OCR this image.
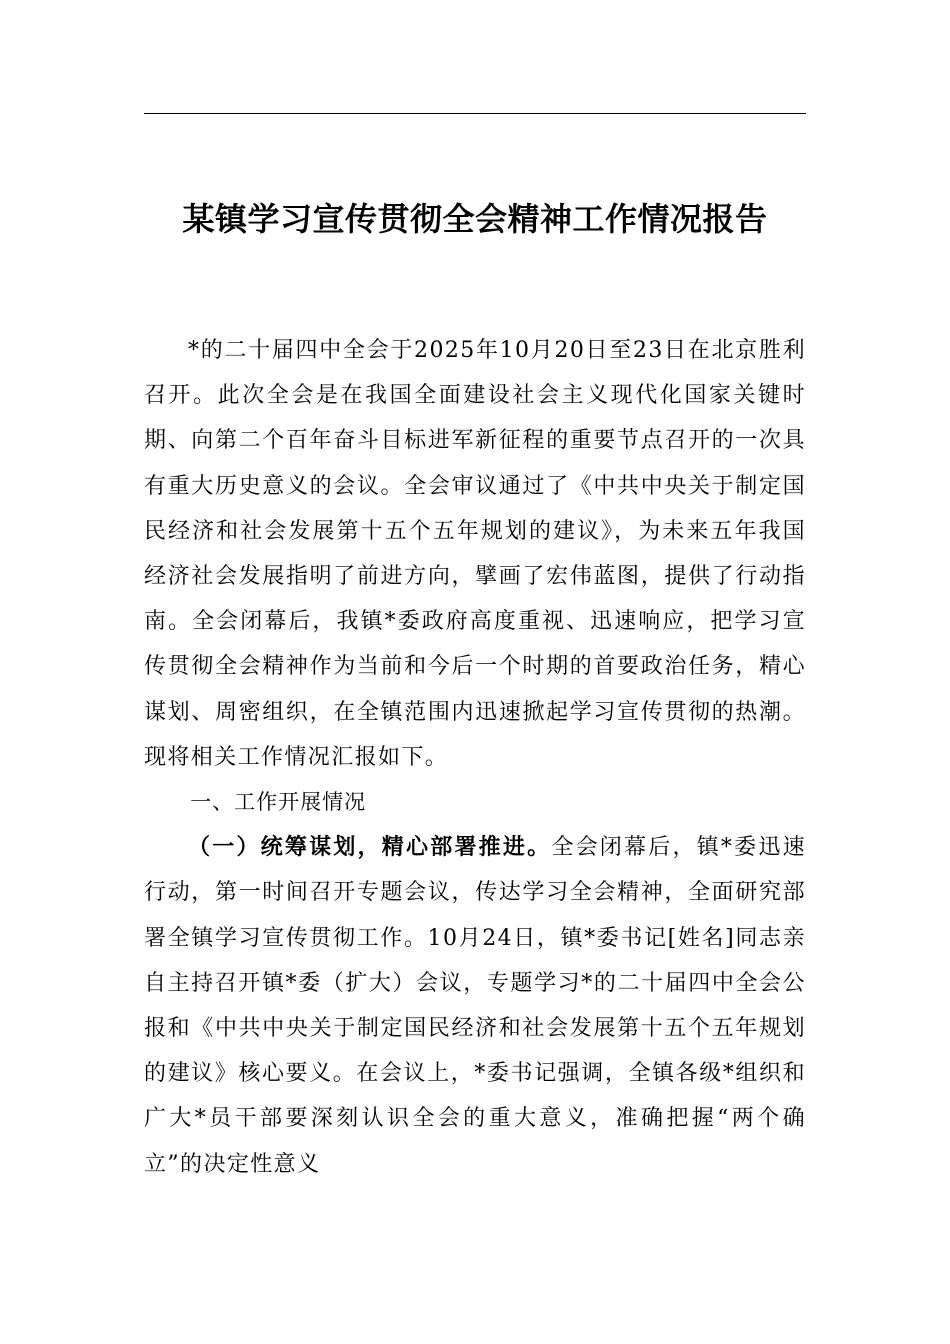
某镇学习宣传贯彻全会精神工作情况报告

*的二十届四中全会于2025年10月20日至23日在北京胜利召开。此次全会是在我国全面建设社会主义现代化国家关键时期、向第二个百年奋斗目标进军新征程的重要节点召开的一次具有重大历史意义的会议。全会审议通过了《中共中央关于制定国民经济和社会发展第十五个五年规划的建议》，为未来五年我国经济社会发展指明了前进方向，擘画了宏伟蓝图，提供了行动指南。全会闭幕后，我镇*委政府高度重视、迅速响应，把学习宣传贯彻全会精神作为当前和今后一个时期的首要政治任务，精心谋划、周密组织，在全镇范围内迅速掀起学习宣传贯彻的热潮。现将相关工作情况汇报如下。

一、工作开展情况

（一）统筹谋划，精心部署推进。全会闭幕后，镇*委迅速行动，第一时间召开专题会议，传达学习全会精神，全面研究部署全镇学习宣传贯彻工作。10月24日，镇*委书记[姓名]同志亲自主持召开镇*委（扩大）会议，专题学习*的二十届四中全会公报和《中共中央关于制定国民经济和社会发展第十五个五年规划的建议》核心要义。在会议上，*委书记强调，全镇各级*组织和广大*员干部要深刻认识全会的重大意义，准确把握“两个确立”的决定性意义
